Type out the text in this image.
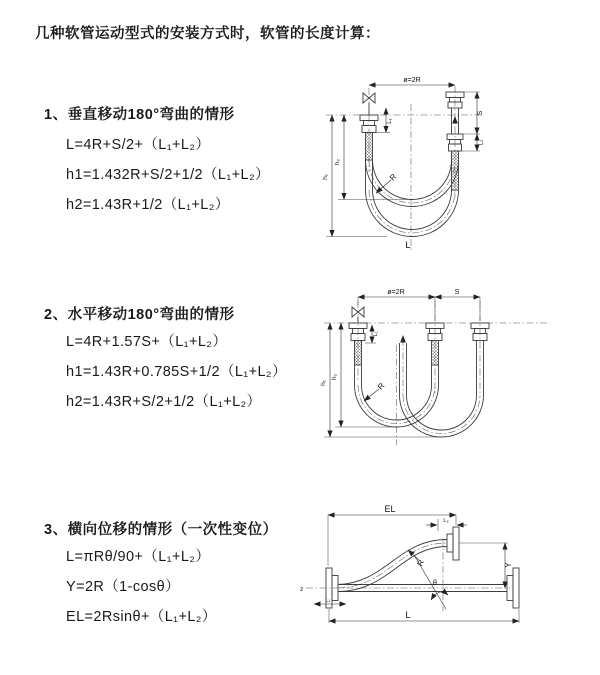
几种软管运动型式的安装方式时，软管的长度计算：
1、垂直移动180°弯曲的情形
L=4R+S/2+（L₁+L₂）
h1=1.432R+S/2+1/2（L₁+L₂）
h2=1.43R+1/2（L₁+L₂）
ø=2R
S
L₂
L₁
h₂
h₁	R
L
2、水平移动180°弯曲的情形
L=4R+1.57S+（L₁+L₂）
h1=1.43R+0.785S+1/2（L₁+L₂）
h2=1.43R+S/2+1/2（L₁+L₂）
ø=2R	S
L₁
h₂
h₁	R
3、横向位移的情形（一次性变位）
L=πRθ/90+（L₁+L₂）
Y=2R（1-cosθ）
EL=2Rsinθ+（L₁+L₂）
z
EL
L₂
Y
θ
R
L₁
L
